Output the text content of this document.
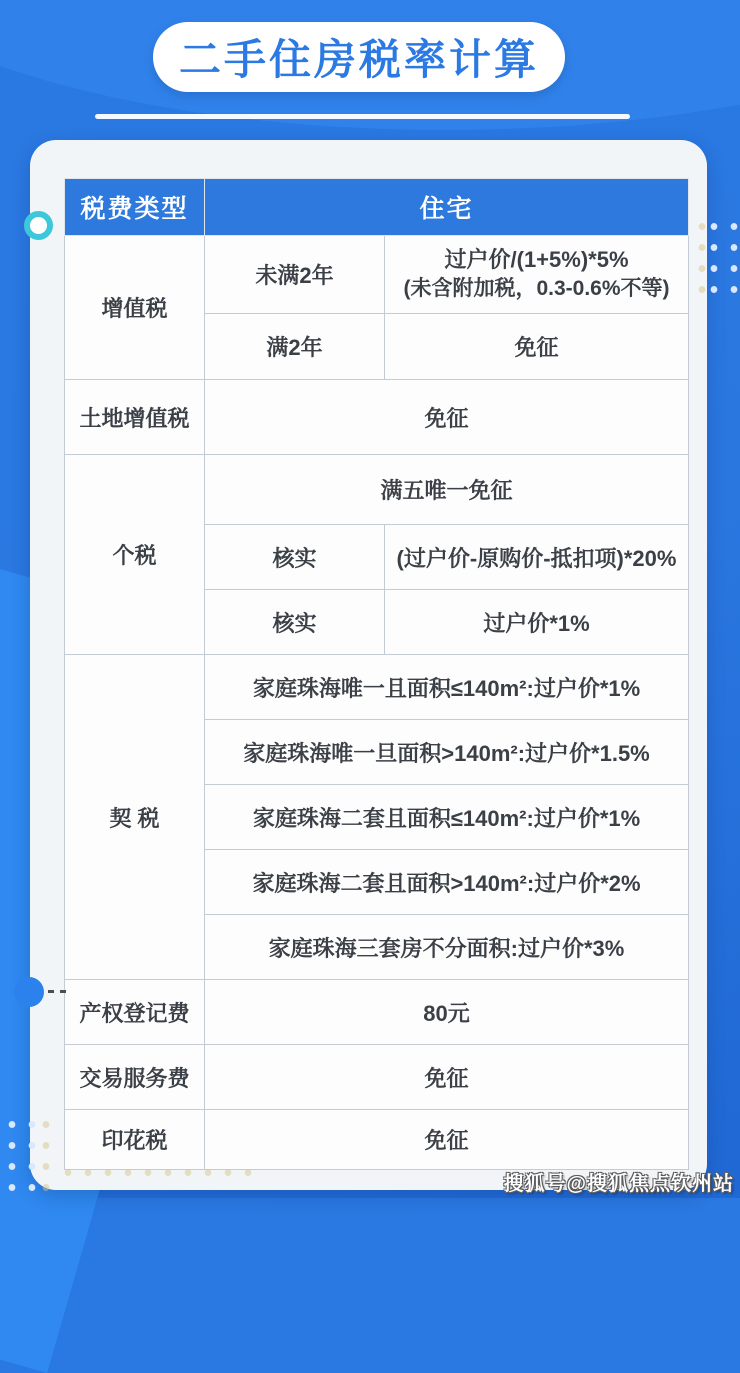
二手住房税率计算
税费类型	住宅	
增值税	未满2年	过户价/(1+5%)*5%
(未含附加税，0.3-0.6%不等)

	满2年	免征
土地增值税	免征	
个税	满五唯一免征	
	核实	(过户价-原购价-抵扣项)*20%
	核实	过户价*1%
契 税	家庭珠海唯一且面积≤140m²:过户价*1%	
	家庭珠海唯一旦面积>140m²:过户价*1.5%	
	家庭珠海二套且面积≤140m²:过户价*1%	
	家庭珠海二套且面积>140m²:过户价*2%	
	家庭珠海三套房不分面积:过户价*3%	
产权登记费	80元	
交易服务费	免征	
印花税	免征	
搜狐号@搜狐焦点钦州站
